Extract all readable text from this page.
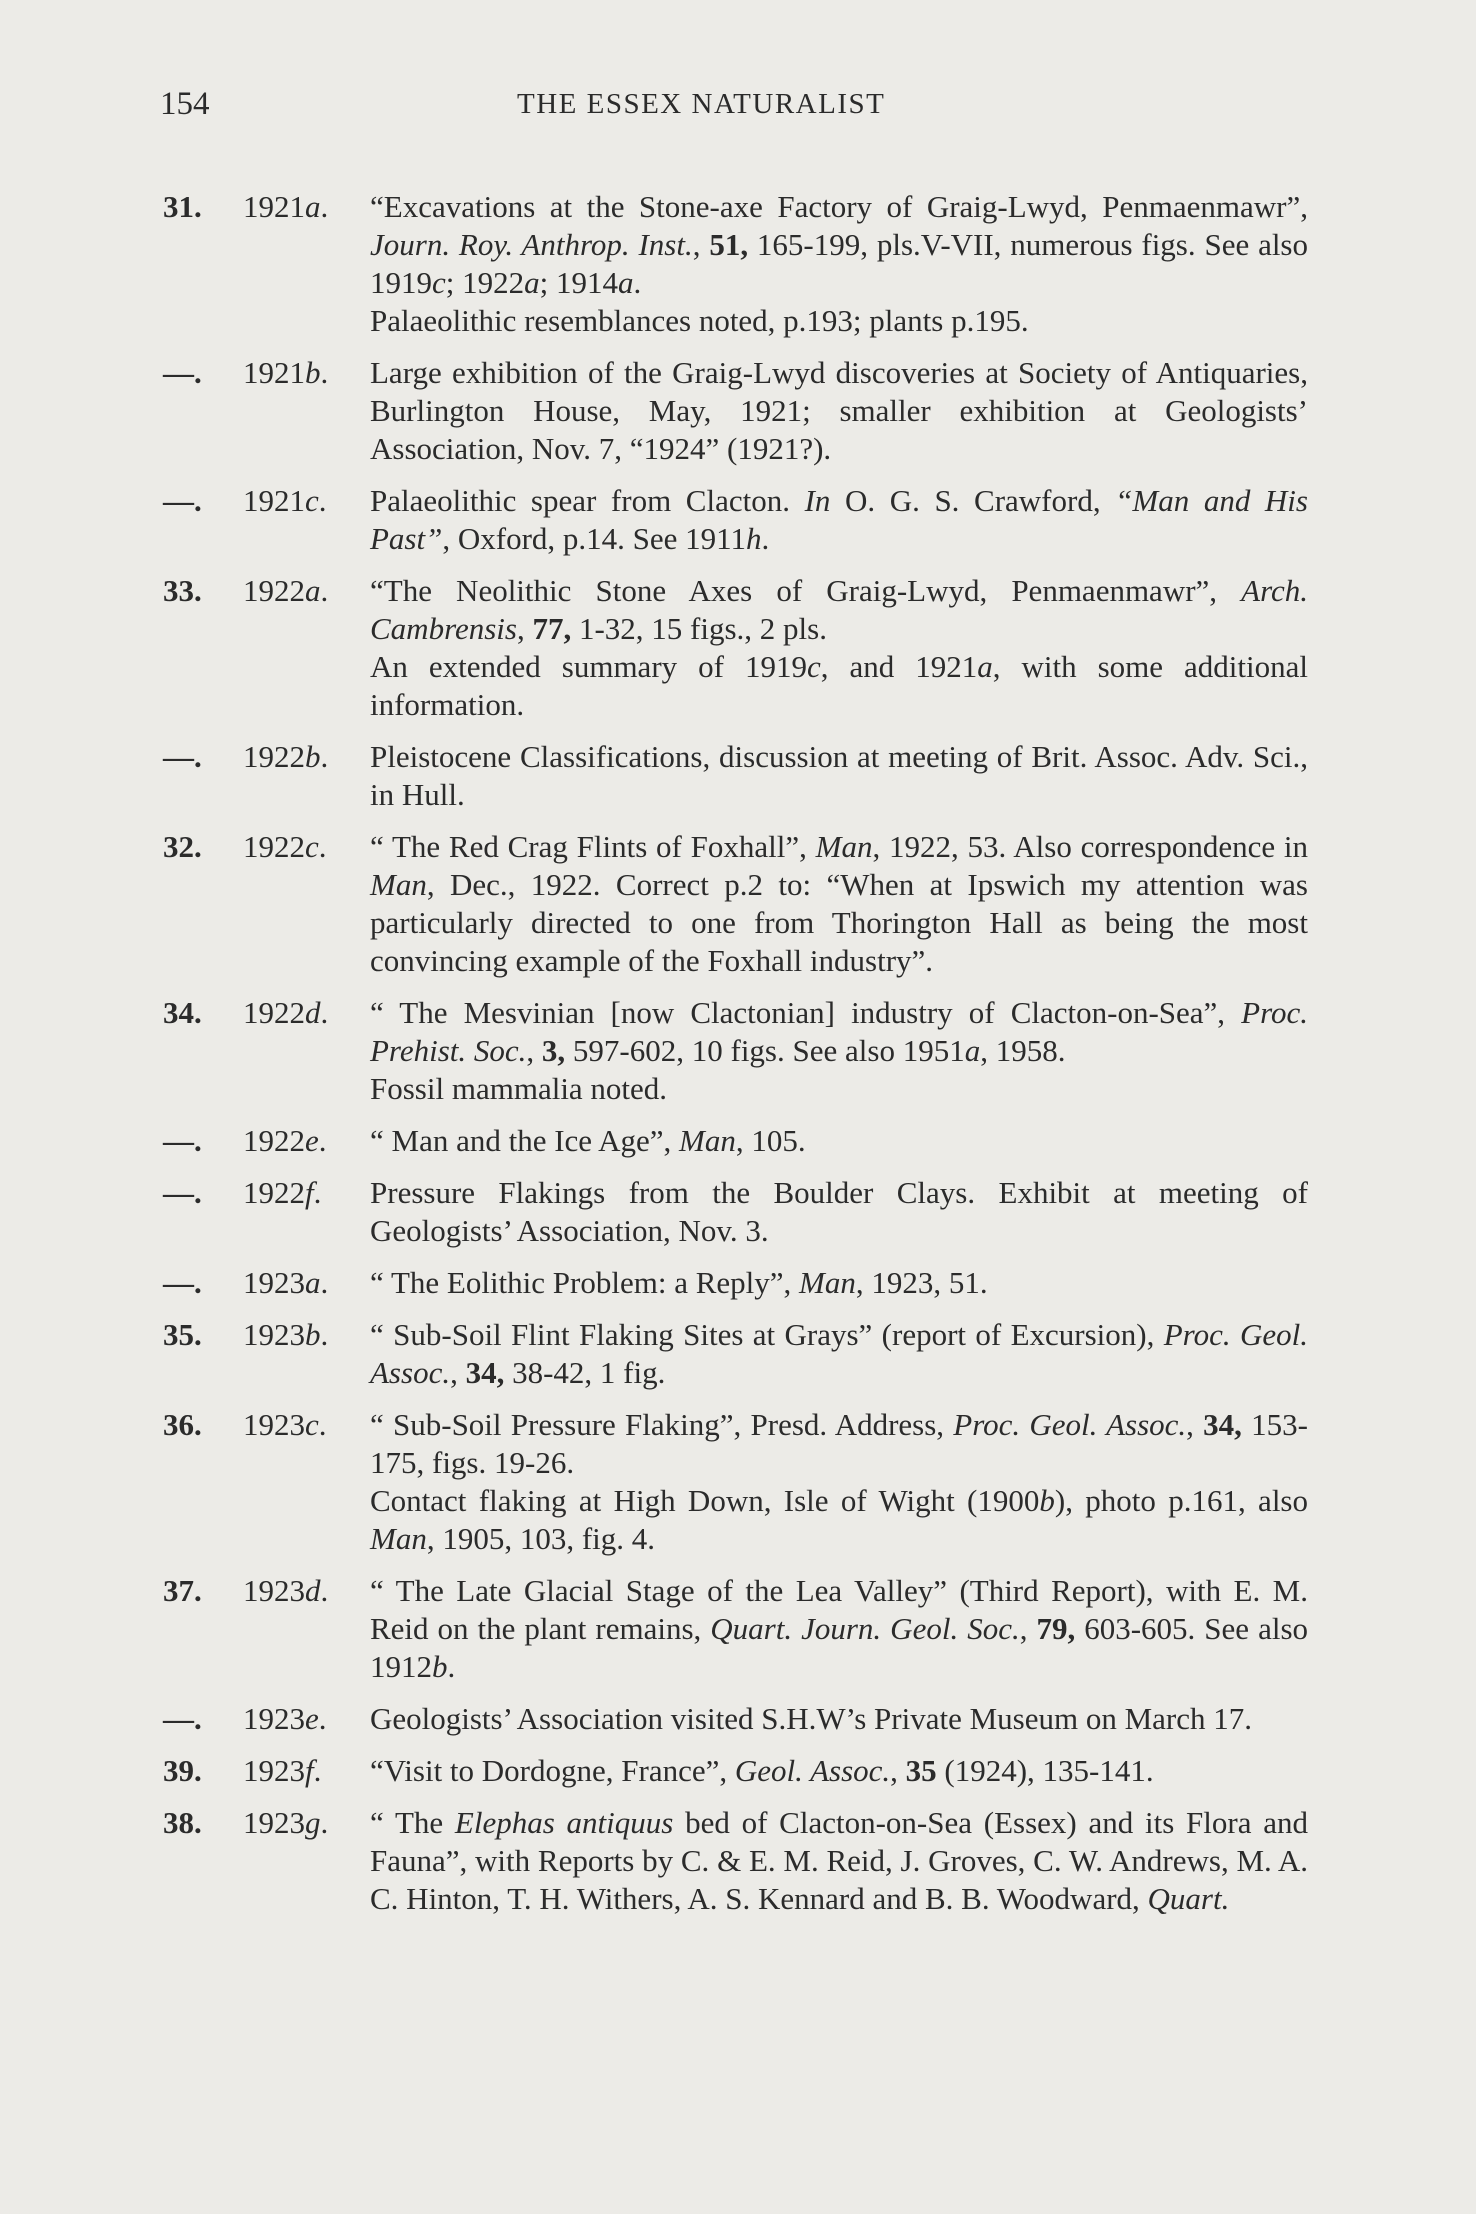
154	THE ESSEX NATURALIST
31. 1921a. “Excavations at the Stone-axe Factory of Graig-Lwyd, Penmaenmawr”, Journ. Roy. Anthrop. Inst., 51, 165-199, pls.V-VII, numerous figs. See also 1919c; 1922a; 1914a.

Palaeolithic resemblances noted, p.193; plants p.195.

—. 1921b. Large exhibition of the Graig-Lwyd discoveries at Society of Antiquaries, Burlington House, May, 1921; smaller exhibition at Geologists’ Association, Nov. 7, “1924” (1921?).

—. 1921c. Palaeolithic spear from Clacton. In O. G. S. Crawford, “Man and His Past”, Oxford, p.14. See 1911h.

33. 1922a. “The Neolithic Stone Axes of Graig-Lwyd, Penmaenmawr”, Arch. Cambrensis, 77, 1-32, 15 figs., 2 pls.

An extended summary of 1919c, and 1921a, with some additional information.

—. 1922b. Pleistocene Classifications, discussion at meeting of Brit. Assoc. Adv. Sci., in Hull.

32. 1922c. “ The Red Crag Flints of Foxhall”, Man, 1922, 53. Also correspondence in Man, Dec., 1922. Correct p.2 to: “When at Ipswich my attention was particularly directed to one from Thorington Hall as being the most convincing example of the Foxhall industry”.

34. 1922d. “ The Mesvinian [now Clactonian] industry of Clacton-on-Sea”, Proc. Prehist. Soc., 3, 597-602, 10 figs. See also 1951a, 1958.

Fossil mammalia noted.

—. 1922e. “ Man and the Ice Age”, Man, 105.

—. 1922f. Pressure Flakings from the Boulder Clays. Exhibit at meeting of Geologists’ Association, Nov. 3.

—. 1923a. “ The Eolithic Problem: a Reply”, Man, 1923, 51.

35. 1923b. “ Sub-Soil Flint Flaking Sites at Grays” (report of Excursion), Proc. Geol. Assoc., 34, 38-42, 1 fig.

36. 1923c. “ Sub-Soil Pressure Flaking”, Presd. Address, Proc. Geol. Assoc., 34, 153-175, figs. 19-26.

Contact flaking at High Down, Isle of Wight (1900b), photo p.161, also Man, 1905, 103, fig. 4.

37. 1923d. “ The Late Glacial Stage of the Lea Valley” (Third Report), with E. M. Reid on the plant remains, Quart. Journ. Geol. Soc., 79, 603-605. See also 1912b.

—. 1923e. Geologists’ Association visited S.H.W’s Private Museum on March 17.

39. 1923f. “Visit to Dordogne, France”, Geol. Assoc., 35 (1924), 135-141.

38. 1923g. “ The Elephas antiquus bed of Clacton-on-Sea (Essex) and its Flora and Fauna”, with Reports by C. & E. M. Reid, J. Groves, C. W. Andrews, M. A. C. Hinton, T. H. Withers, A. S. Kennard and B. B. Woodward, Quart.
